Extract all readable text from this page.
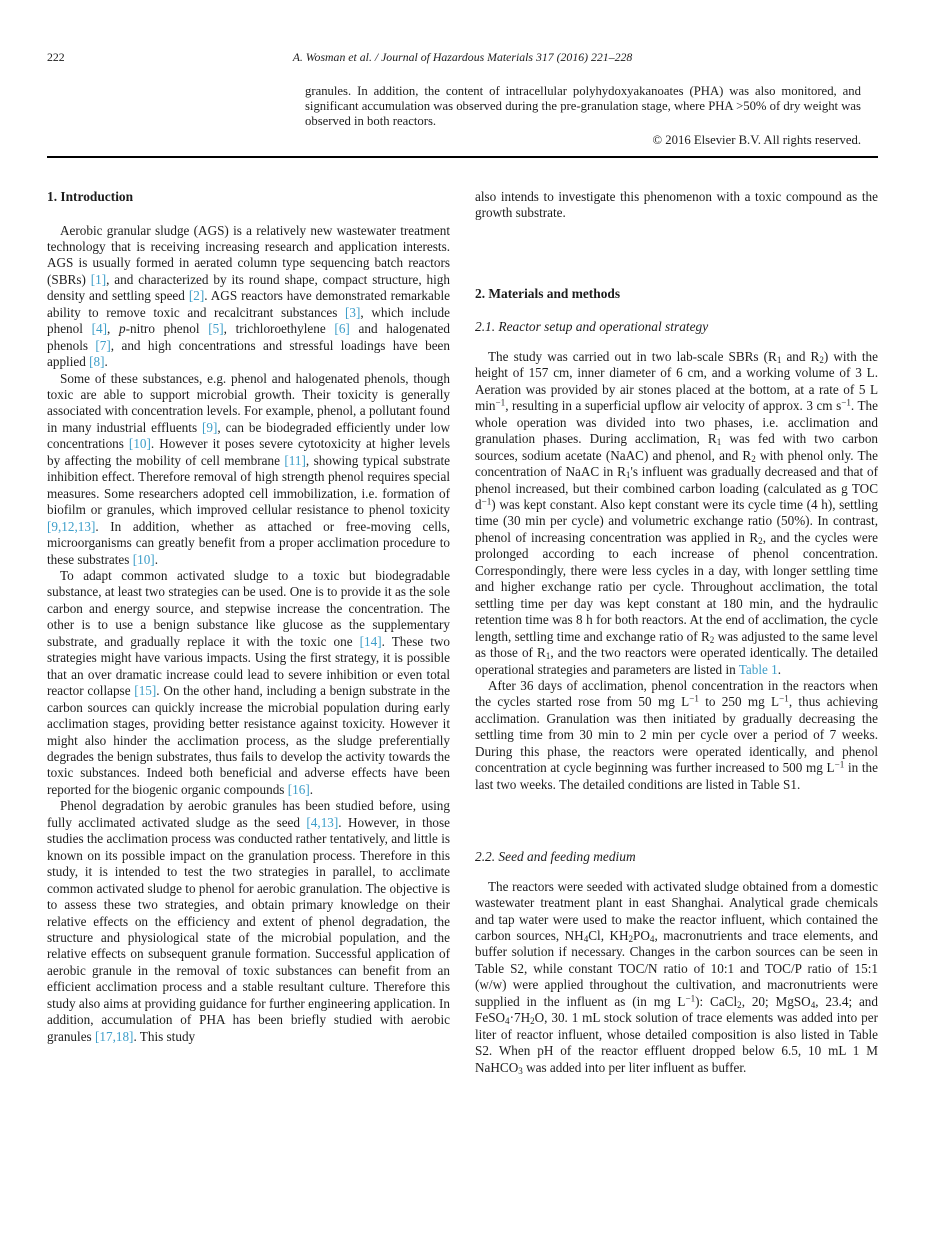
222	A. Wosman et al. / Journal of Hazardous Materials 317 (2016) 221–228

granules. In addition, the content of intracellular polyhydoxyakanoates (PHA) was also monitored, and significant accumulation was observed during the pre-granulation stage, where PHA >50% of dry weight was observed in both reactors.

© 2016 Elsevier B.V. All rights reserved.

1. Introduction

Aerobic granular sludge (AGS) is a relatively new wastewater treatment technology that is receiving increasing research and application interests. AGS is usually formed in aerated column type sequencing batch reactors (SBRs) [1], and characterized by its round shape, compact structure, high density and settling speed [2]. AGS reactors have demonstrated remarkable ability to remove toxic and recalcitrant substances [3], which include phenol [4], p-nitro phenol [5], trichloroethylene [6] and halogenated phenols [7], and high concentrations and stressful loadings have been applied [8].

Some of these substances, e.g. phenol and halogenated phenols, though toxic are able to support microbial growth. Their toxicity is generally associated with concentration levels. For example, phenol, a pollutant found in many industrial effluents [9], can be biodegraded efficiently under low concentrations [10]. However it poses severe cytotoxicity at higher levels by affecting the mobility of cell membrane [11], showing typical substrate inhibition effect. Therefore removal of high strength phenol requires special measures. Some researchers adopted cell immobilization, i.e. formation of biofilm or granules, which improved cellular resistance to phenol toxicity [9,12,13]. In addition, whether as attached or free-moving cells, microorganisms can greatly benefit from a proper acclimation procedure to these substrates [10].

To adapt common activated sludge to a toxic but biodegradable substance, at least two strategies can be used. One is to provide it as the sole carbon and energy source, and stepwise increase the concentration. The other is to use a benign substance like glucose as the supplementary substrate, and gradually replace it with the toxic one [14]. These two strategies might have various impacts. Using the first strategy, it is possible that an over dramatic increase could lead to severe inhibition or even total reactor collapse [15]. On the other hand, including a benign substrate in the carbon sources can quickly increase the microbial population during early acclimation stages, providing better resistance against toxicity. However it might also hinder the acclimation process, as the sludge preferentially degrades the benign substrates, thus fails to develop the activity towards the toxic substances. Indeed both beneficial and adverse effects have been reported for the biogenic organic compounds [16].

Phenol degradation by aerobic granules has been studied before, using fully acclimated activated sludge as the seed [4,13]. However, in those studies the acclimation process was conducted rather tentatively, and little is known on its possible impact on the granulation process. Therefore in this study, it is intended to test the two strategies in parallel, to acclimate common activated sludge to phenol for aerobic granulation. The objective is to assess these two strategies, and obtain primary knowledge on their relative effects on the efficiency and extent of phenol degradation, the structure and physiological state of the microbial population, and the relative effects on subsequent granule formation. Successful application of aerobic granule in the removal of toxic substances can benefit from an efficient acclimation process and a stable resultant culture. Therefore this study also aims at providing guidance for further engineering application. In addition, accumulation of PHA has been briefly studied with aerobic granules [17,18]. This study

also intends to investigate this phenomenon with a toxic compound as the growth substrate.

2. Materials and methods
2.1. Reactor setup and operational strategy

The study was carried out in two lab-scale SBRs ($R_1$ and $R_2$) with the height of 157 cm, inner diameter of 6 cm, and a working volume of 3 L. Aeration was provided by air stones placed at the bottom, at a rate of 5 L $\min^{-1}$, resulting in a superficial upflow air velocity of approx. 3 cm $s^{-1}$. The whole operation was divided into two phases, i.e. acclimation and granulation phases. During acclimation, $R_1$ was fed with two carbon sources, sodium acetate (NaAC) and phenol, and $R_2$ with phenol only. The concentration of NaAC in $R_1's$ influent was gradually decreased and that of phenol increased, but their combined carbon loading (calculated as g TOC $d^{-1}$) was kept constant. Also kept constant were its cycle time (4 h), settling time (30 min per cycle) and volumetric exchange ratio (50%). In contrast, phenol of increasing concentration was applied in $R_2$, and the cycles were prolonged according to each increase of phenol concentration. Correspondingly, there were less cycles in a day, with longer settling time and higher exchange ratio per cycle. Throughout acclimation, the total settling time per day was kept constant at 180 min, and the hydraulic retention time was 8 h for both reactors. At the end of acclimation, the cycle length, settling time and exchange ratio of $R_2$ was adjusted to the same level as those of $R_1$, and the two reactors were operated identically. The detailed operational strategies and parameters are listed in Table 1.

After 36 days of acclimation, phenol concentration in the reactors when the cycles started rose from 50 mg $L^{-1}$ to 250 mg $L^{-1}$, thus achieving acclimation. Granulation was then initiated by gradually decreasing the settling time from 30 min to 2 min per cycle over a period of 7 weeks. During this phase, the reactors were operated identically, and phenol concentration at cycle beginning was further increased to 500 mg $L^{-1}$ in the last two weeks. The detailed conditions are listed in Table S1.

2.2. Seed and feeding medium

The reactors were seeded with activated sludge obtained from a domestic wastewater treatment plant in east Shanghai. Analytical grade chemicals and tap water were used to make the reactor influent, which contained the carbon sources, $NH_4Cl$, $KH_2PO_4$, macronutrients and trace elements, and buffer solution if necessary. Changes in the carbon sources can be seen in Table S2, while constant TOC/N ratio of 10:1 and TOC/P ratio of 15:1 (w/w) were applied throughout the cultivation, and macronutrients were supplied in the influent as (in mg $L^{-1}$): CaCl$_2$, 20; MgSO$_4$, 23.4; and $FeSO_4\cdot 7H_2O$, 30. 1 mL stock solution of trace elements was added into per liter of reactor influent, whose detailed composition is also listed in Table S2. When pH of the reactor effluent dropped below 6.5, 10 mL 1 M NaHCO$_3$ was added into per liter influent as buffer.
